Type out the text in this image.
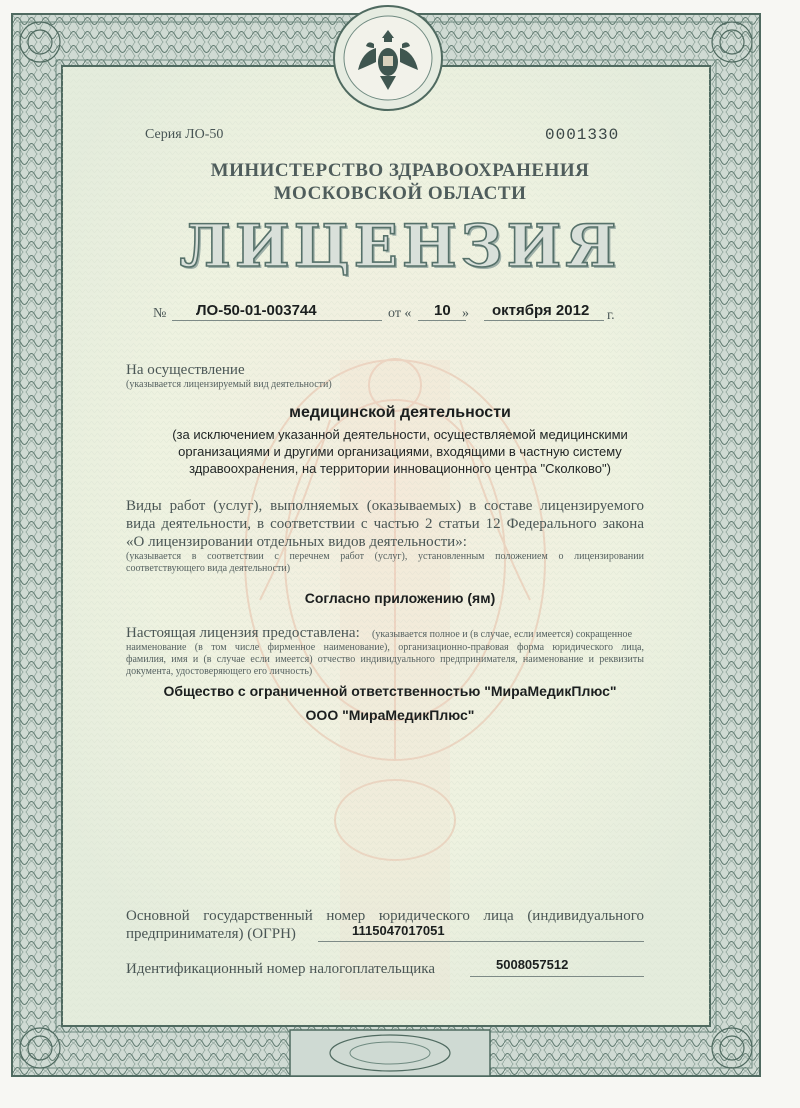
Серия ЛО-50	0001330
МИНИСТЕРСТВО ЗДРАВООХРАНЕНИЯ
МОСКОВСКОЙ ОБЛАСТИ
ЛИЦЕНЗИЯ
№ ЛО-50-01-003744	от « 10 » октября 2012 г.
На осуществление
(указывается лицензируемый вид деятельности)
медицинской деятельности
(за исключением указанной деятельности, осуществляемой медицинскими
организациями и другими организациями, входящими в частную систему
здравоохранения, на территории инновационного центра "Сколково")
Виды работ (услуг), выполняемых (оказываемых) в составе лицензируемого
вида деятельности, в соответствии с частью 2 статьи 12 Федерального закона
«О лицензировании отдельных видов деятельности»:
(указывается в соответствии с перечнем работ (услуг), установленным положением о лицензировании
соответствующего вида деятельности)
Согласно приложению (ям)
Настоящая лицензия предоставлена: (указывается полное и (в случае, если имеется) сокращенное
наименование (в том числе фирменное наименование), организационно-правовая форма юридического лица,
фамилия, имя и (в случае если имеется) отчество индивидуального предпринимателя, наименование и реквизиты
документа, удостоверяющего его личность)
Общество с ограниченной ответственностью "МираМедикПлюс"
ООО "МираМедикПлюс"
Основной государственный номер юридического лица (индивидуального
предпринимателя) (ОГРН)	1115047017051
Идентификационный номер налогоплательщика	5008057512
